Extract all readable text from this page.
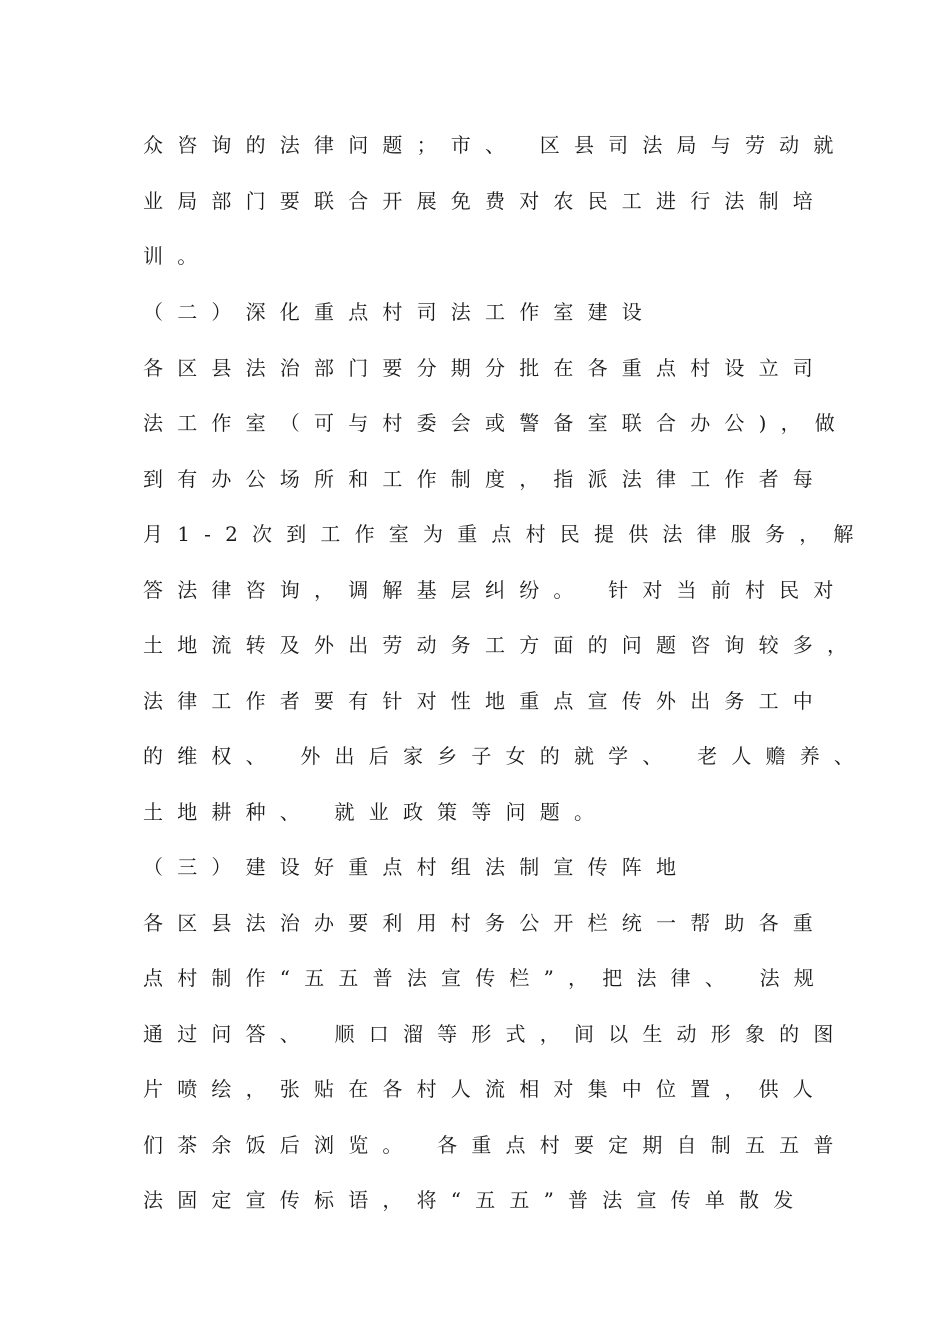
众咨询的法律问题；市、 区县司法局与劳动就
业局部门要联合开展免费对农民工进行法制培
训。
（二）深化重点村司法工作室建设
各区县法治部门要分期分批在各重点村设立司
法工作室（可与村委会或警备室联合办公)，做
到有办公场所和工作制度，指派法律工作者每
月1-2次到工作室为重点村民提供法律服务，解
答法律咨询，调解基层纠纷。 针对当前村民对
土地流转及外出劳动务工方面的问题咨询较多，
法律工作者要有针对性地重点宣传外出务工中
的维权、 外出后家乡子女的就学、 老人赡养、
土地耕种、 就业政策等问题。
（三）建设好重点村组法制宣传阵地
各区县法治办要利用村务公开栏统一帮助各重
点村制作“五五普法宣传栏”，把法律、 法规
通过问答、 顺口溜等形式，间以生动形象的图
片喷绘，张贴在各村人流相对集中位置，供人
们茶余饭后浏览。 各重点村要定期自制五五普
法固定宣传标语，将“五五”普法宣传单散发
